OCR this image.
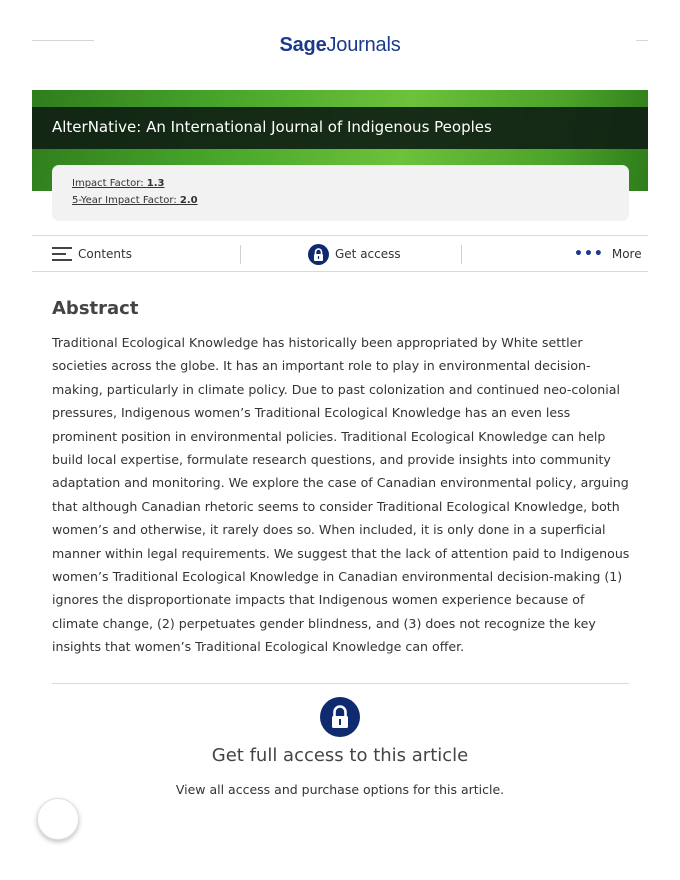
SageJournals
AlterNative: An International Journal of Indigenous Peoples
Impact Factor: 1.3
5-Year Impact Factor: 2.0
Contents	Get access	••• More
Abstract

Traditional Ecological Knowledge has historically been appropriated by White settler societies across the globe. It has an important role to play in environmental decision-making, particularly in climate policy. Due to past colonization and continued neo-colonial pressures, Indigenous women’s Traditional Ecological Knowledge has an even less prominent position in environmental policies. Traditional Ecological Knowledge can help build local expertise, formulate research questions, and provide insights into community adaptation and monitoring. We explore the case of Canadian environmental policy, arguing that although Canadian rhetoric seems to consider Traditional Ecological Knowledge, both women’s and otherwise, it rarely does so. When included, it is only done in a superficial manner within legal requirements. We suggest that the lack of attention paid to Indigenous women’s Traditional Ecological Knowledge in Canadian environmental decision-making (1) ignores the disproportionate impacts that Indigenous women experience because of climate change, (2) perpetuates gender blindness, and (3) does not recognize the key insights that women’s Traditional Ecological Knowledge can offer.

Get full access to this article
View all access and purchase options for this article.
